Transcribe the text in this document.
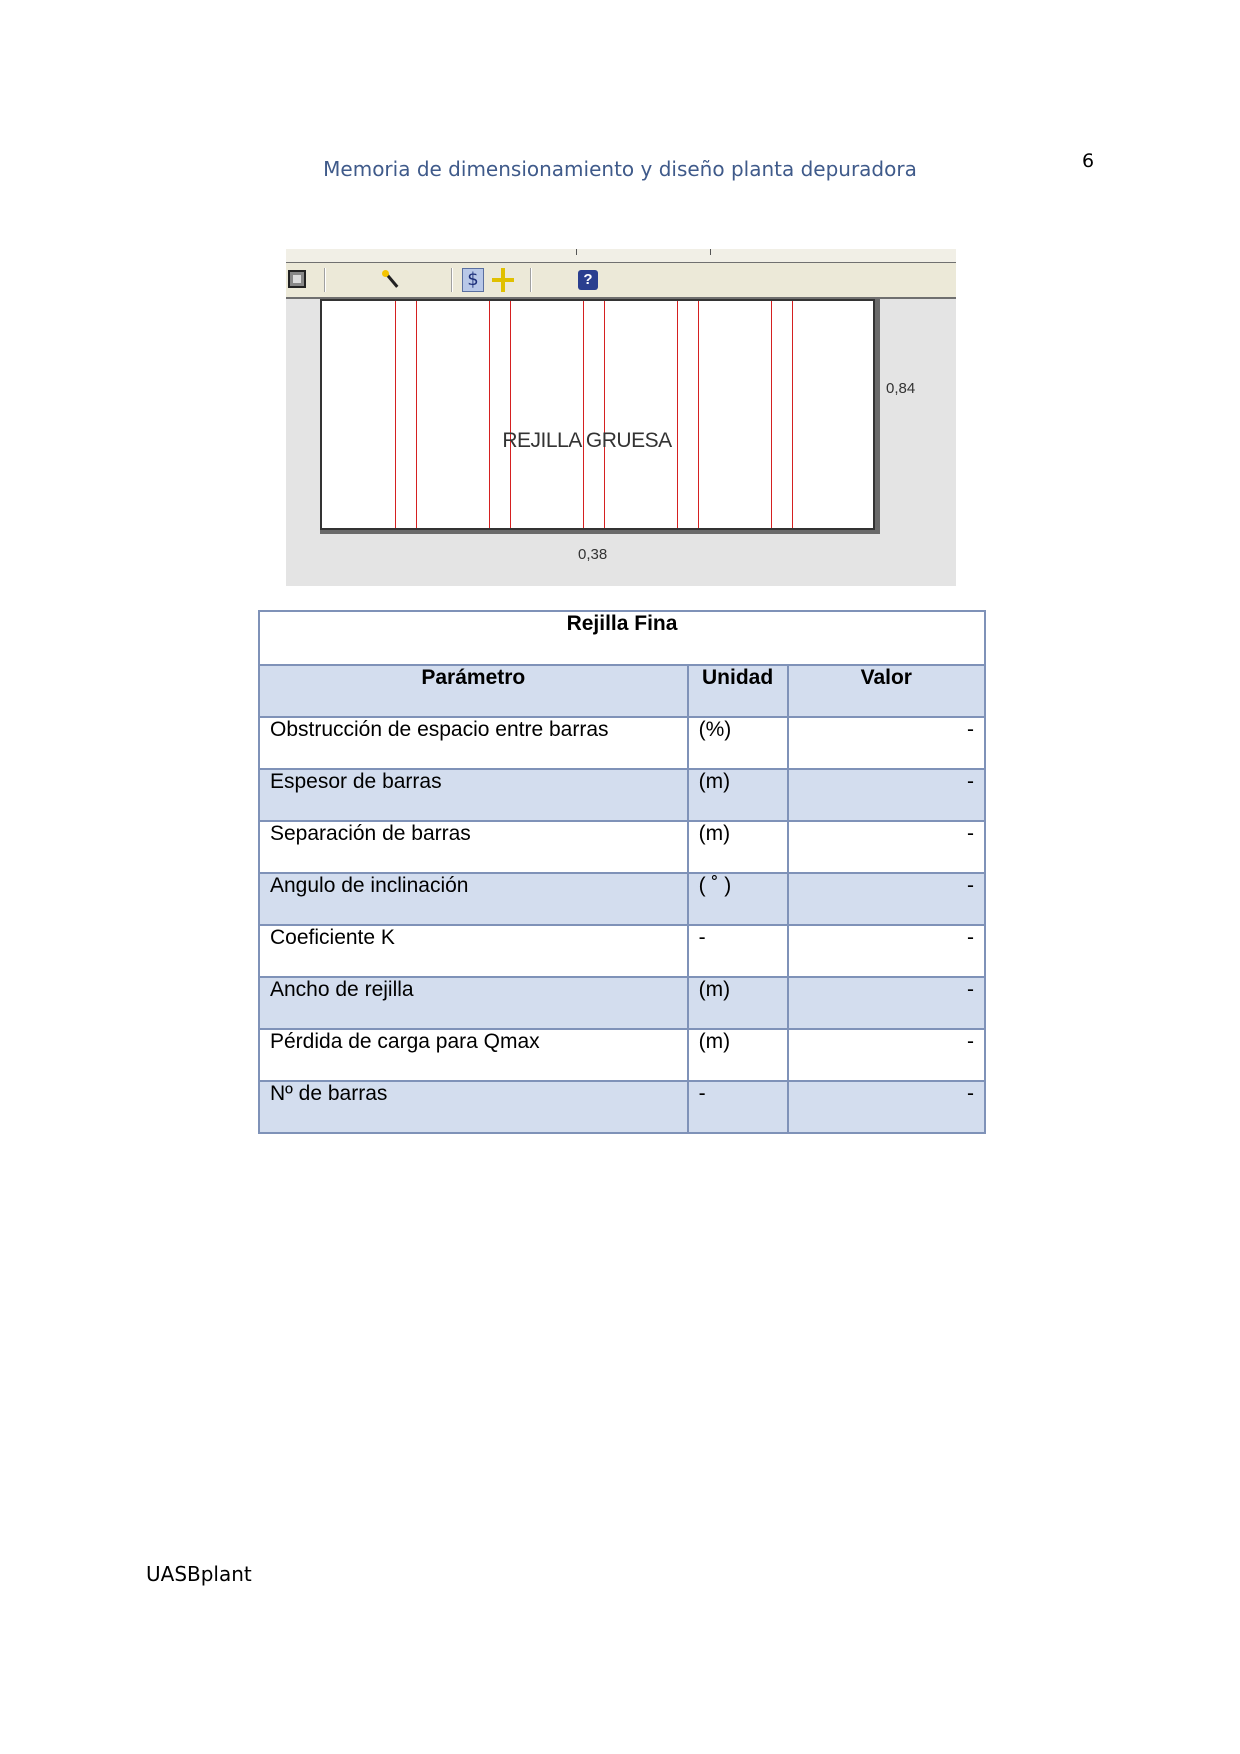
Memoria de dimensionamiento y diseño planta depuradora	6
$	?
REJILLA GRUESA
0,84
0,38
Rejilla Fina		
Parámetro	Unidad	Valor
Obstrucción de espacio entre barras	(%)	-
Espesor de barras	(m)	-
Separación de barras	(m)	-
Angulo de inclinación	( ˚ )	-
Coeficiente K	-	-
Ancho de rejilla	(m)	-
Pérdida de carga para Qmax	(m)	-
Nº de barras	-	-
UASBplant
